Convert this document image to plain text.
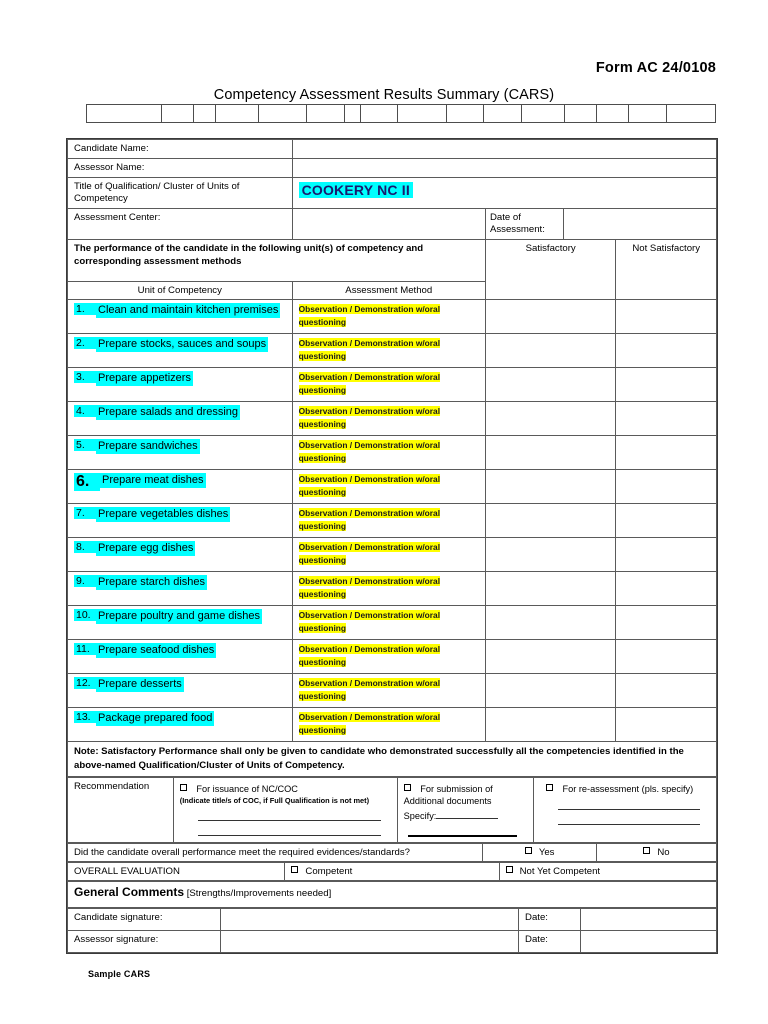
Form AC 24/0108
Competency Assessment Results Summary (CARS)
Candidate Name:				
Assessor Name:				
Title of Qualification/ Cluster of Units of Competency	COOKERY NC II			
Assessment Center:		Date of Assessment:		
The performance of the candidate in the following unit(s) of competency and corresponding assessment methods		Satisfactory		Not Satisfactory
Unit of Competency	Assessment Method			

1. Clean and maintain kitchen premises	Observation / Demonstration w/oral questioning			

2. Prepare stocks, sauces and soups	Observation / Demonstration w/oral questioning			

3. Prepare appetizers	Observation / Demonstration w/oral questioning			

4. Prepare salads and dressing	Observation / Demonstration w/oral questioning			

5. Prepare sandwiches	Observation / Demonstration w/oral questioning			

6. Prepare meat dishes	Observation / Demonstration w/oral questioning			

7. Prepare vegetables dishes	Observation / Demonstration w/oral questioning			

8. Prepare egg dishes	Observation / Demonstration w/oral questioning			

9. Prepare starch dishes	Observation / Demonstration w/oral questioning			

10. Prepare poultry and game dishes	Observation / Demonstration w/oral questioning			

11. Prepare seafood dishes	Observation / Demonstration w/oral questioning			

12. Prepare desserts	Observation / Demonstration w/oral questioning			

13. Package prepared food	Observation / Demonstration w/oral questioning			
Note: Satisfactory Performance shall only be given to candidate who demonstrated successfully all the competencies identified in the above-named Qualification/Cluster of Units of Competency.				
Recommendation	For issuance of NC/COC
(Indicate title/s of COC, if Full Qualification is not met)

For submission of Additional documents
Specify:

For re-assessment (pls. specify)
Did the candidate overall performance meet the required evidences/standards?	Yes	No
OVERALL EVALUATION	Competent	Not Yet Competent
General Comments [Strengths/Improvements needed]
Candidate signature:		Date:	
Assessor signature:		Date:	
Sample CARS
